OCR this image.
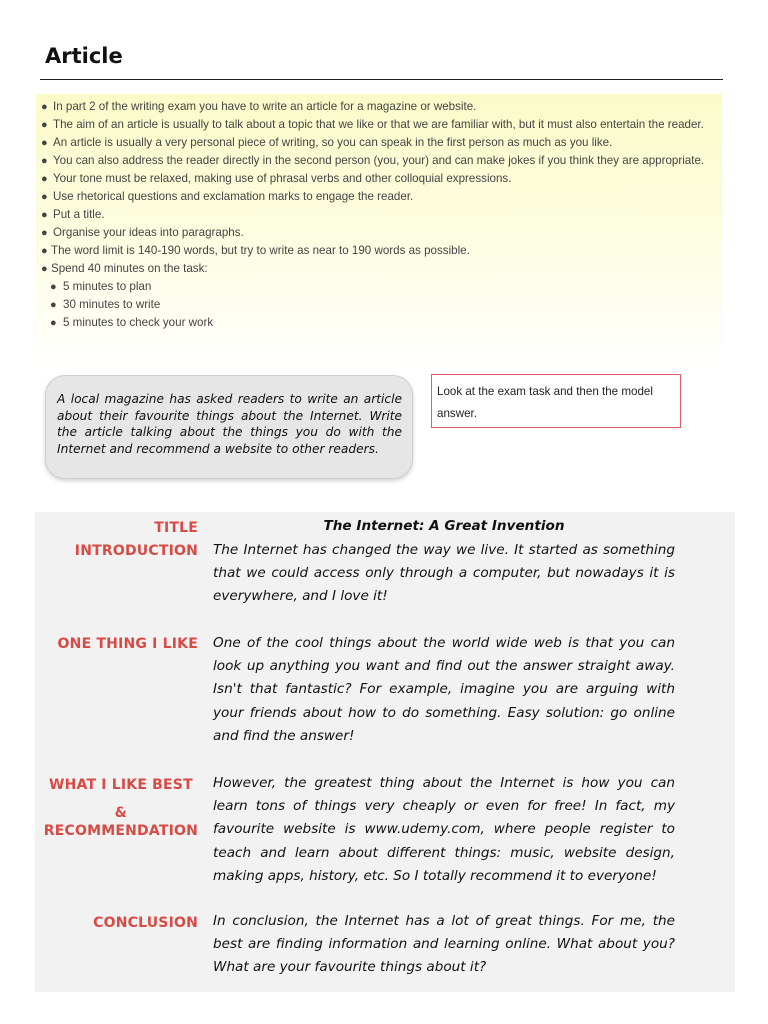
Article
● In part 2 of the writing exam you have to write an article for a magazine or website.
● The aim of an article is usually to talk about a topic that we like or that we are familiar with, but it must also entertain the reader.
● An article is usually a very personal piece of writing, so you can speak in the first person as much as you like.
● You can also address the reader directly in the second person (you, your) and can make jokes if you think they are appropriate.
● Your tone must be relaxed, making use of phrasal verbs and other colloquial expressions.
● Use rhetorical questions and exclamation marks to engage the reader.
● Put a title.
● Organise your ideas into paragraphs.
● The word limit is 140-190 words, but try to write as near to 190 words as possible.
● Spend 40 minutes on the task:
● 5 minutes to plan
● 30 minutes to write
● 5 minutes to check your work
A local magazine has asked readers to write an article about their favourite things about the Internet. Write the article talking about the things you do with the Internet and recommend a website to other readers.
Look at the exam task and then the model answer.
TITLE	The Internet: A Great Invention
INTRODUCTION The Internet has changed the way we live. It started as something that we could access only through a computer, but nowadays it is everywhere, and I love it!
ONE THING I LIKE One of the cool things about the world wide web is that you can look up anything you want and find out the answer straight away. Isn't that fantastic? For example, imagine you are arguing with your friends about how to do something. Easy solution: go online and find the answer!
WHAT I LIKE BEST
&
RECOMMENDATION
However, the greatest thing about the Internet is how you can learn tons of things very cheaply or even for free! In fact, my favourite website is www.udemy.com, where people register to teach and learn about different things: music, website design, making apps, history, etc. So I totally recommend it to everyone!
CONCLUSION In conclusion, the Internet has a lot of great things. For me, the best are finding information and learning online. What about you? What are your favourite things about it?
